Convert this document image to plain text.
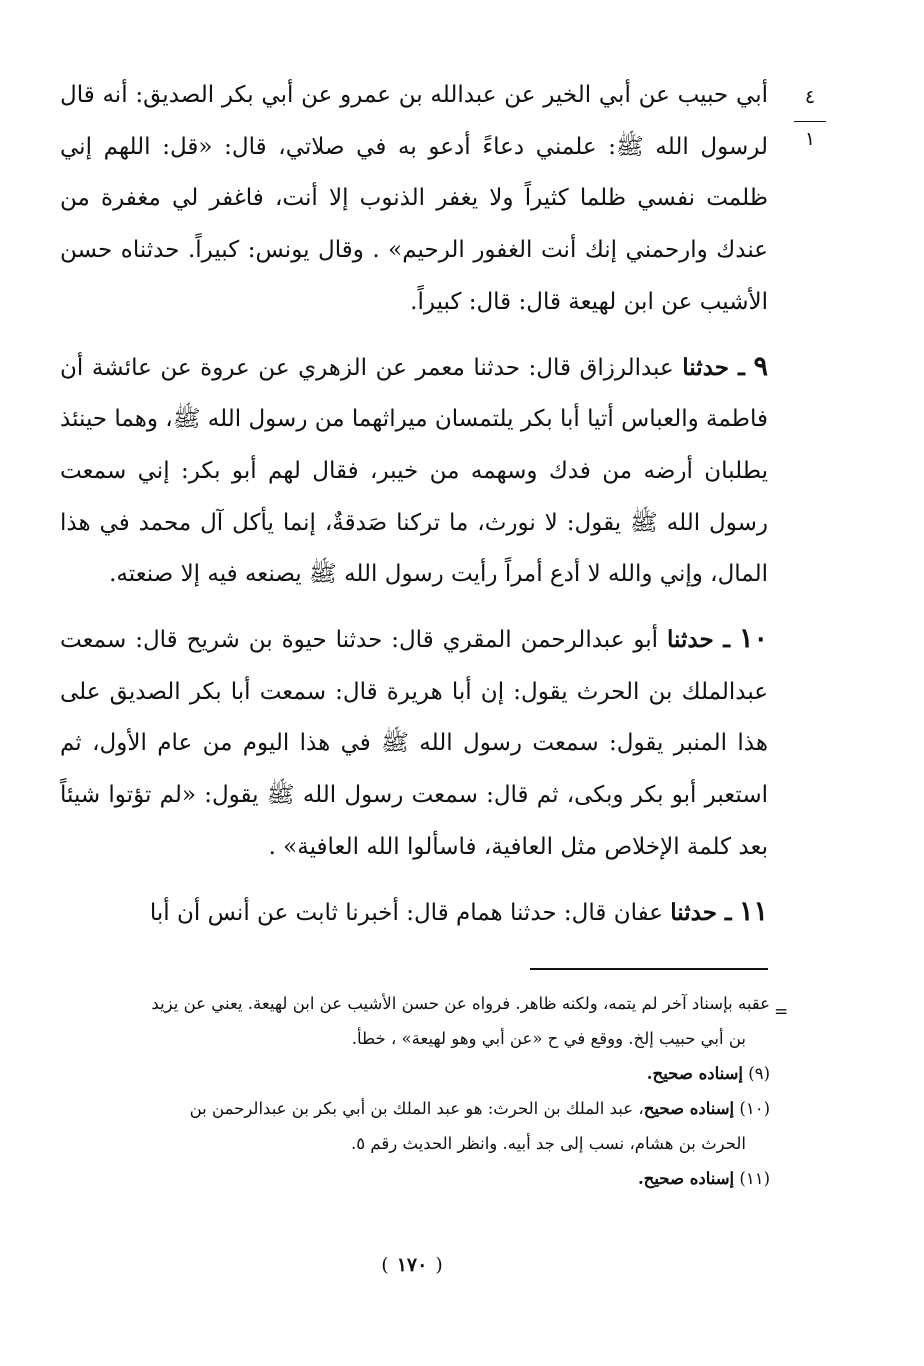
٤
١

أبي حبيب عن أبي الخير عن عبدالله بن عمرو عن أبي بكر الصديق: أنه قال لرسول الله ﷺ: علمني دعاءً أدعو به في صلاتي، قال: «قل: اللهم إني ظلمت نفسي ظلما كثيراً ولا يغفر الذنوب إلا أنت، فاغفر لي مغفرة من عندك وارحمني إنك أنت الغفور الرحيم» . وقال يونس: كبيراً. حدثناه حسن الأشيب عن ابن لهيعة قال: قال: كبيراً.

٩ ـ حدثنا عبدالرزاق قال: حدثنا معمر عن الزهري عن عروة عن عائشة أن فاطمة والعباس أتيا أبا بكر يلتمسان ميراثهما من رسول الله ﷺ، وهما حينئذ يطلبان أرضه من فدك وسهمه من خيبر، فقال لهم أبو بكر: إني سمعت رسول الله ﷺ يقول: لا نورث، ما تركنا صَدقةٌ، إنما يأكل آل محمد في هذا المال، وإني والله لا أدع أمراً رأيت رسول الله ﷺ يصنعه فيه إلا صنعته.

١٠ ـ حدثنا أبو عبدالرحمن المقري قال: حدثنا حيوة بن شريح قال: سمعت عبدالملك بن الحرث يقول: إن أبا هريرة قال: سمعت أبا بكر الصديق على هذا المنبر يقول: سمعت رسول الله ﷺ في هذا اليوم من عام الأول، ثم استعبر أبو بكر وبكى، ثم قال: سمعت رسول الله ﷺ يقول: «لم تؤتوا شيئاً بعد كلمة الإخلاص مثل العافية، فاسألوا الله العافية» .

١١ ـ حدثنا عفان قال: حدثنا همام قال: أخبرنا ثابت عن أنس أن أبا

=

عقبه بإسناد آخر لم يتمه، ولكنه ظاهر. فرواه عن حسن الأشيب عن ابن لهيعة. يعني عن يزيد

بن أبي حبيب إلخ. ووقع في ح «عن أبي وهو لهيعة» ، خطأ.

(٩) إسناده صحيح.

(١٠) إسناده صحيح، عبد الملك بن الحرث: هو عبد الملك بن أبي بكر بن عبدالرحمن بن

الحرث بن هشام، نسب إلى جد أبيه. وانظر الحديث رقم ٥.

(١١) إسناده صحيح.

(١٧٠)
